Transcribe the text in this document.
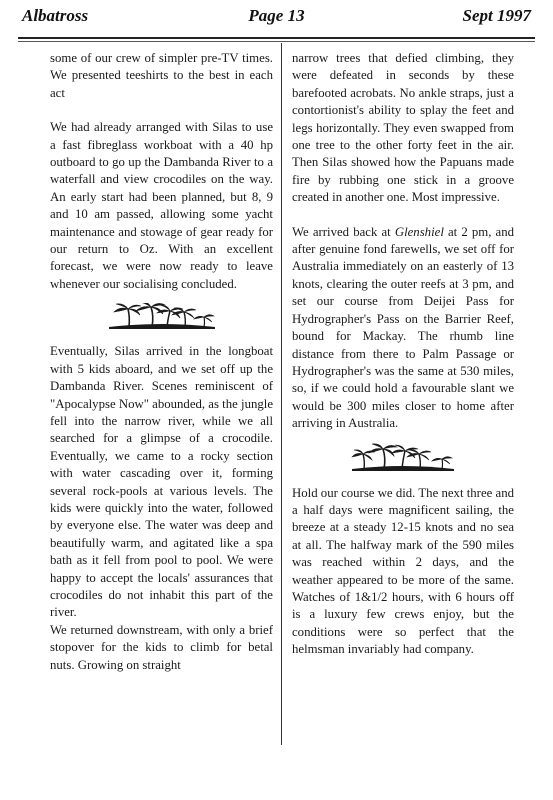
Albatross	Page 13	Sept 1997

some of our crew of simpler pre-TV times. We presented teeshirts to the best in each act

We had already arranged with Silas to use a fast fibreglass workboat with a 40 hp outboard to go up the Dambanda River to a waterfall and view crocodiles on the way. An early start had been planned, but 8, 9 and 10 am passed, allowing some yacht maintenance and stowage of gear ready for our return to Oz. With an excellent forecast, we were now ready to leave whenever our socialising concluded.

Eventually, Silas arrived in the longboat with 5 kids aboard, and we set off up the Dambanda River. Scenes reminiscent of "Apocalypse Now" abounded, as the jungle fell into the narrow river, while we all searched for a glimpse of a crocodile. Eventually, we came to a rocky section with water cascading over it, forming several rock-pools at various levels. The kids were quickly into the water, followed by everyone else. The water was deep and beautifully warm, and agitated like a spa bath as it fell from pool to pool. We were happy to accept the locals' assurances that crocodiles do not inhabit this part of the river.

We returned downstream, with only a brief stopover for the kids to climb for betal nuts. Growing on straight

narrow trees that defied climbing, they were defeated in seconds by these barefooted acrobats. No ankle straps, just a contortionist's ability to splay the feet and legs horizontally. They even swapped from one tree to the other forty feet in the air. Then Silas showed how the Papuans made fire by rubbing one stick in a groove created in another one. Most impressive.

We arrived back at Glenshiel at 2 pm, and after genuine fond farewells, we set off for Australia immediately on an easterly of 13 knots, clearing the outer reefs at 3 pm, and set our course from Deijei Pass for Hydrographer's Pass on the Barrier Reef, bound for Mackay. The rhumb line distance from there to Palm Passage or Hydrographer's was the same at 530 miles, so, if we could hold a favourable slant we would be 300 miles closer to home after arriving in Australia.

Hold our course we did. The next three and a half days were magnificent sailing, the breeze at a steady 12-15 knots and no sea at all. The halfway mark of the 590 miles was reached within 2 days, and the weather appeared to be more of the same. Watches of 1&1/2 hours, with 6 hours off is a luxury few crews enjoy, but the conditions were so perfect that the helmsman invariably had company.
